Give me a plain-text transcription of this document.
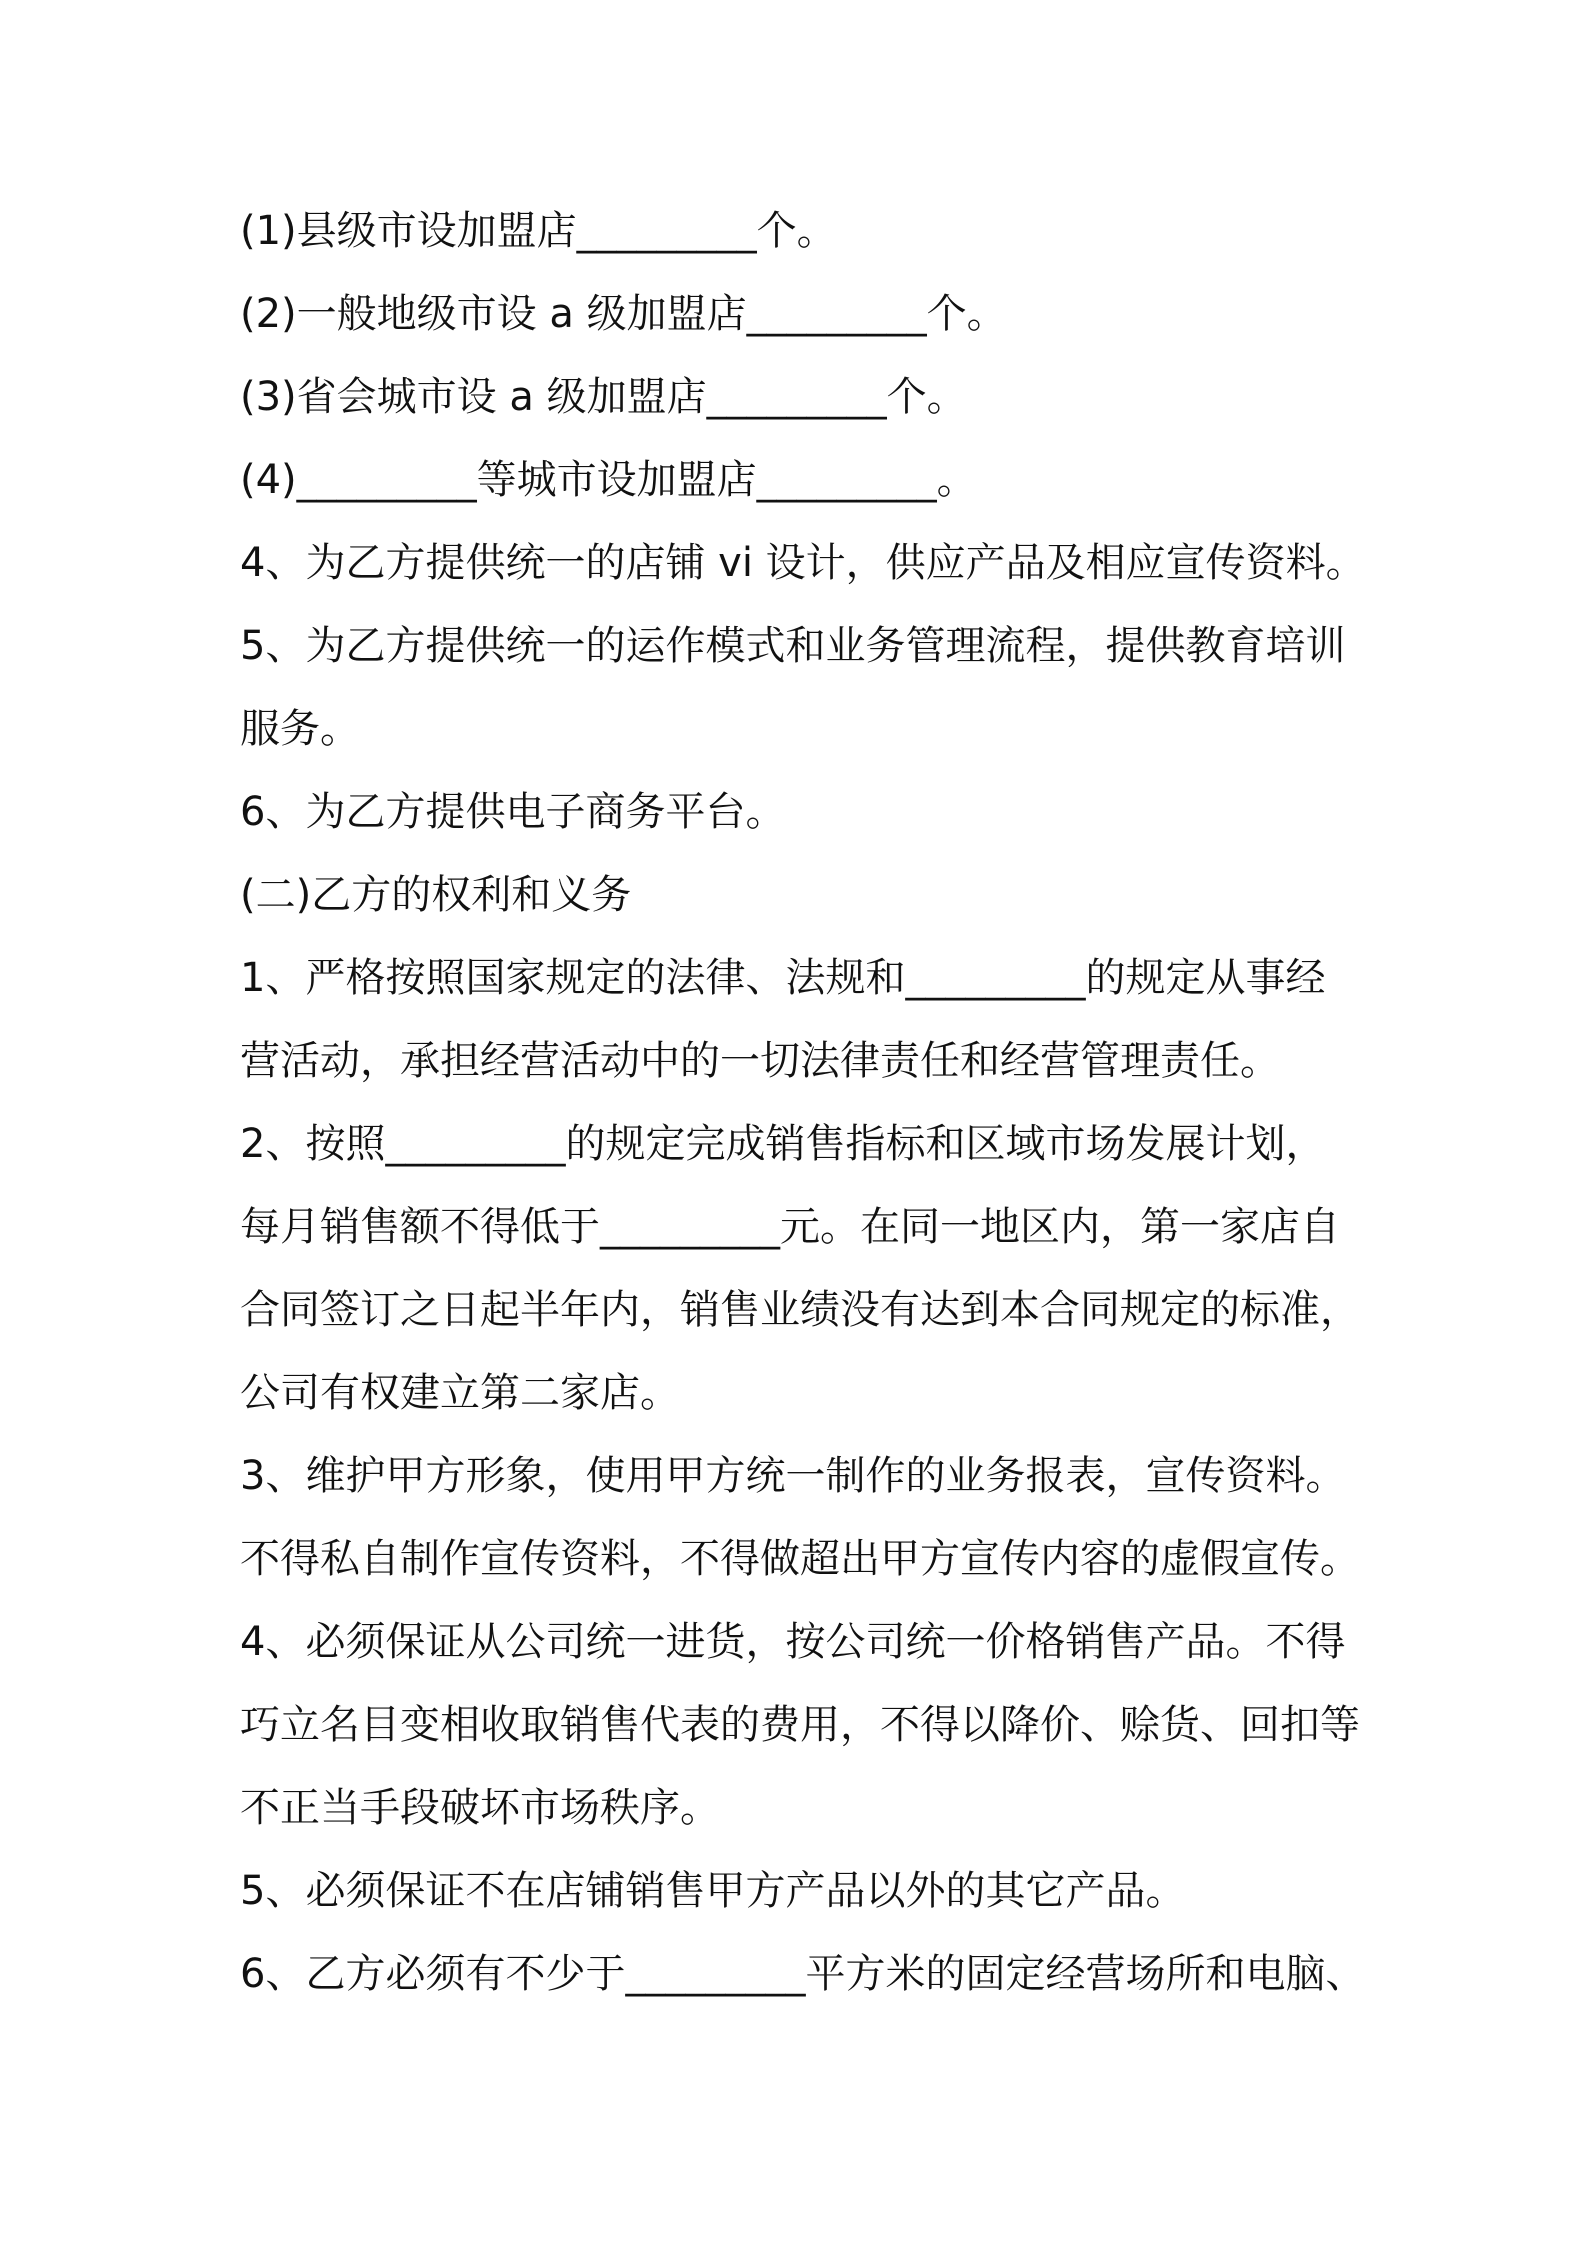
(1)县级市设加盟店_________个。
(2)一般地级市设 a 级加盟店_________个。
(3)省会城市设 a 级加盟店_________个。
(4)_________等城市设加盟店_________。
4、为乙方提供统一的店铺 vi 设计，供应产品及相应宣传资料。
5、为乙方提供统一的运作模式和业务管理流程，提供教育培训
服务。
6、为乙方提供电子商务平台。
(二)乙方的权利和义务
1、严格按照国家规定的法律、法规和_________的规定从事经
营活动，承担经营活动中的一切法律责任和经营管理责任。
2、按照_________的规定完成销售指标和区域市场发展计划，
每月销售额不得低于_________元。在同一地区内，第一家店自
合同签订之日起半年内，销售业绩没有达到本合同规定的标准，
公司有权建立第二家店。
3、维护甲方形象，使用甲方统一制作的业务报表，宣传资料。
不得私自制作宣传资料，不得做超出甲方宣传内容的虚假宣传。
4、必须保证从公司统一进货，按公司统一价格销售产品。不得
巧立名目变相收取销售代表的费用，不得以降价、赊货、回扣等
不正当手段破坏市场秩序。
5、必须保证不在店铺销售甲方产品以外的其它产品。
6、乙方必须有不少于_________平方米的固定经营场所和电脑、
